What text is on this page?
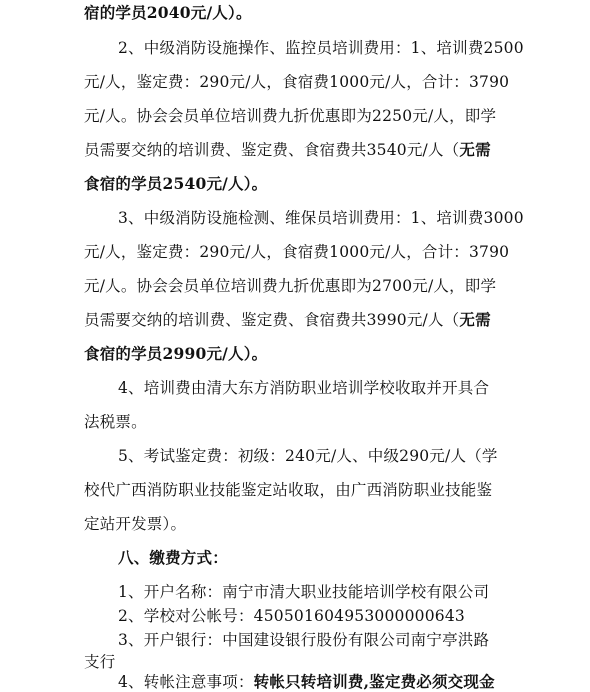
宿的学员2040元/人）。
2、中级消防设施操作、监控员培训费用：1、培训费2500
元/人，鉴定费：290元/人，食宿费1000元/人，合计：3790
元/人。协会会员单位培训费九折优惠即为2250元/人，即学
员需要交纳的培训费、鉴定费、食宿费共3540元/人（无需
食宿的学员2540元/人）。
3、中级消防设施检测、维保员培训费用：1、培训费3000
元/人，鉴定费：290元/人，食宿费1000元/人，合计：3790
元/人。协会会员单位培训费九折优惠即为2700元/人，即学
员需要交纳的培训费、鉴定费、食宿费共3990元/人（无需
食宿的学员2990元/人）。
4、培训费由清大东方消防职业培训学校收取并开具合
法税票。
5、考试鉴定费：初级：240元/人、中级290元/人（学
校代广西消防职业技能鉴定站收取，由广西消防职业技能鉴
定站开发票）。
八、缴费方式：
1、开户名称：南宁市清大职业技能培训学校有限公司
2、学校对公帐号：450501604953000000643
3、开户银行：中国建设银行股份有限公司南宁亭洪路
支行
4、转帐注意事项：转帐只转培训费,鉴定费必须交现金
